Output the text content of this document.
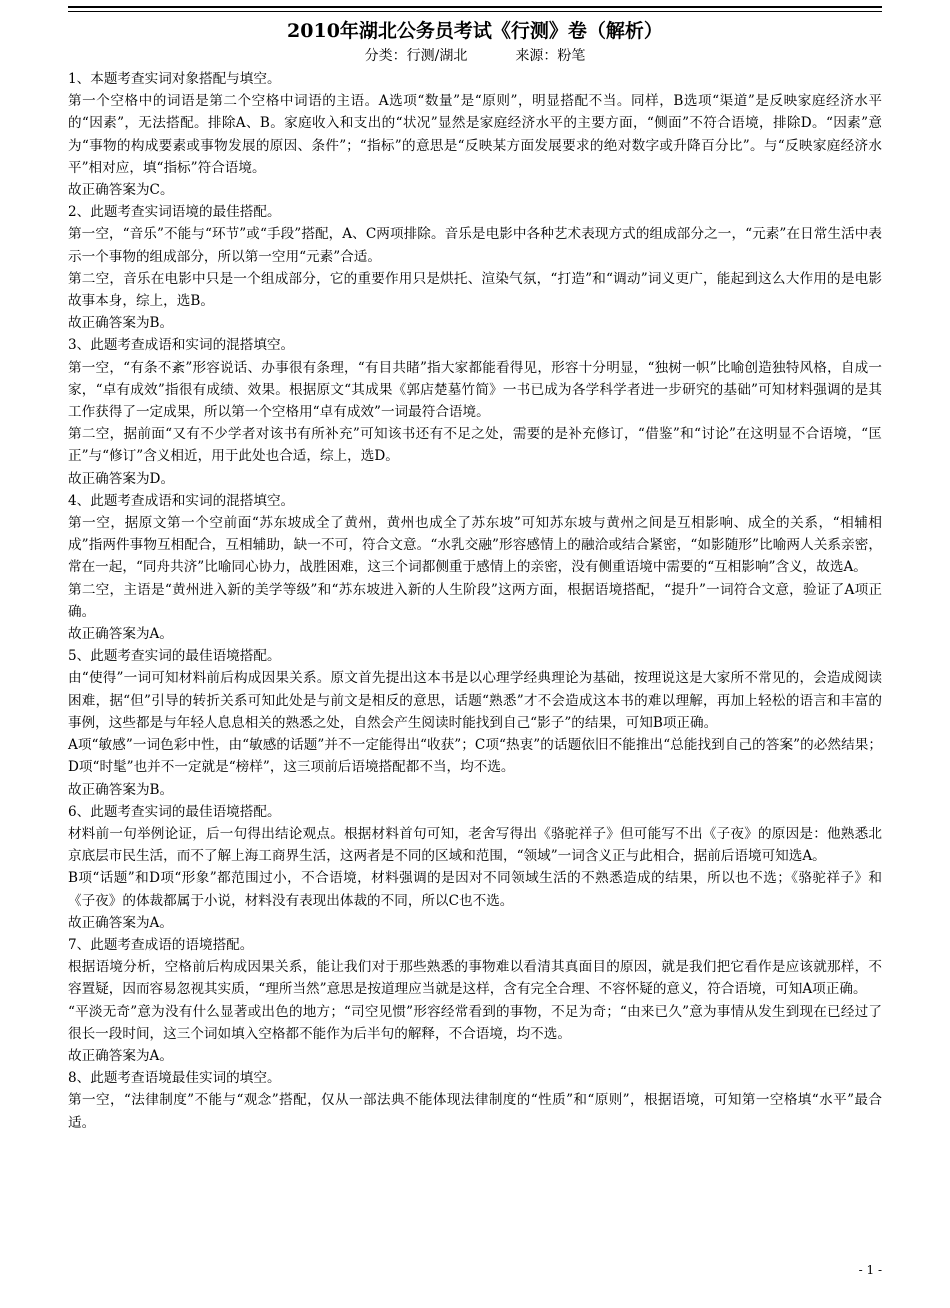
2010年湖北公务员考试《行测》卷（解析）
分类：行测/湖北	来源：粉笔

1、本题考查实词对象搭配与填空。

第一个空格中的词语是第二个空格中词语的主语。A选项“数量”是“原则”，明显搭配不当。同样，B选项“渠道”是反映家庭经济水平的“因素”，无法搭配。排除A、B。家庭收入和支出的“状况”显然是家庭经济水平的主要方面，“侧面”不符合语境，排除D。“因素”意为“事物的构成要素或事物发展的原因、条件”；“指标”的意思是“反映某方面发展要求的绝对数字或升降百分比”。与“反映家庭经济水平”相对应，填“指标”符合语境。

故正确答案为C。

2、此题考查实词语境的最佳搭配。

第一空，“音乐”不能与“环节”或“手段”搭配，A、C两项排除。音乐是电影中各种艺术表现方式的组成部分之一，“元素”在日常生活中表示一个事物的组成部分，所以第一空用“元素”合适。

第二空，音乐在电影中只是一个组成部分，它的重要作用只是烘托、渲染气氛，“打造”和“调动”词义更广，能起到这么大作用的是电影故事本身，综上，选B。

故正确答案为B。

3、此题考查成语和实词的混搭填空。

第一空，“有条不紊”形容说话、办事很有条理，“有目共睹”指大家都能看得见，形容十分明显，“独树一帜”比喻创造独特风格，自成一家，“卓有成效”指很有成绩、效果。根据原文“其成果《郭店楚墓竹简》一书已成为各学科学者进一步研究的基础”可知材料强调的是其工作获得了一定成果，所以第一个空格用“卓有成效”一词最符合语境。

第二空，据前面“又有不少学者对该书有所补充”可知该书还有不足之处，需要的是补充修订，“借鉴”和“讨论”在这明显不合语境，“匡正”与“修订”含义相近，用于此处也合适，综上，选D。

故正确答案为D。

4、此题考查成语和实词的混搭填空。

第一空，据原文第一个空前面“苏东坡成全了黄州，黄州也成全了苏东坡”可知苏东坡与黄州之间是互相影响、成全的关系，“相辅相成”指两件事物互相配合，互相辅助，缺一不可，符合文意。“水乳交融”形容感情上的融洽或结合紧密，“如影随形”比喻两人关系亲密，常在一起，“同舟共济”比喻同心协力，战胜困难，这三个词都侧重于感情上的亲密，没有侧重语境中需要的“互相影响”含义，故选A。

第二空，主语是“黄州进入新的美学等级”和“苏东坡进入新的人生阶段”这两方面，根据语境搭配，“提升”一词符合文意，验证了A项正确。

故正确答案为A。

5、此题考查实词的最佳语境搭配。

由“使得”一词可知材料前后构成因果关系。原文首先提出这本书是以心理学经典理论为基础，按理说这是大家所不常见的，会造成阅读困难，据“但”引导的转折关系可知此处是与前文是相反的意思，话题“熟悉”才不会造成这本书的难以理解，再加上轻松的语言和丰富的事例，这些都是与年轻人息息相关的熟悉之处，自然会产生阅读时能找到自己“影子”的结果，可知B项正确。

A项“敏感”一词色彩中性，由“敏感的话题”并不一定能得出“收获”；C项“热衷”的话题依旧不能推出“总能找到自己的答案”的必然结果；D项“时髦”也并不一定就是“榜样”，这三项前后语境搭配都不当，均不选。

故正确答案为B。

6、此题考查实词的最佳语境搭配。

材料前一句举例论证，后一句得出结论观点。根据材料首句可知，老舍写得出《骆驼祥子》但可能写不出《子夜》的原因是：他熟悉北京底层市民生活，而不了解上海工商界生活，这两者是不同的区域和范围，“领域”一词含义正与此相合，据前后语境可知选A。

B项“话题”和D项“形象”都范围过小，不合语境，材料强调的是因对不同领域生活的不熟悉造成的结果，所以也不选；《骆驼祥子》和《子夜》的体裁都属于小说，材料没有表现出体裁的不同，所以C也不选。

故正确答案为A。

7、此题考查成语的语境搭配。

根据语境分析，空格前后构成因果关系，能让我们对于那些熟悉的事物难以看清其真面目的原因，就是我们把它看作是应该就那样，不容置疑，因而容易忽视其实质，“理所当然”意思是按道理应当就是这样，含有完全合理、不容怀疑的意义，符合语境，可知A项正确。

“平淡无奇”意为没有什么显著或出色的地方；“司空见惯”形容经常看到的事物，不足为奇；“由来已久”意为事情从发生到现在已经过了很长一段时间，这三个词如填入空格都不能作为后半句的解释，不合语境，均不选。

故正确答案为A。

8、此题考查语境最佳实词的填空。

第一空，“法律制度”不能与“观念”搭配，仅从一部法典不能体现法律制度的“性质”和“原则”，根据语境，可知第一空格填“水平”最合适。

- 1 -
